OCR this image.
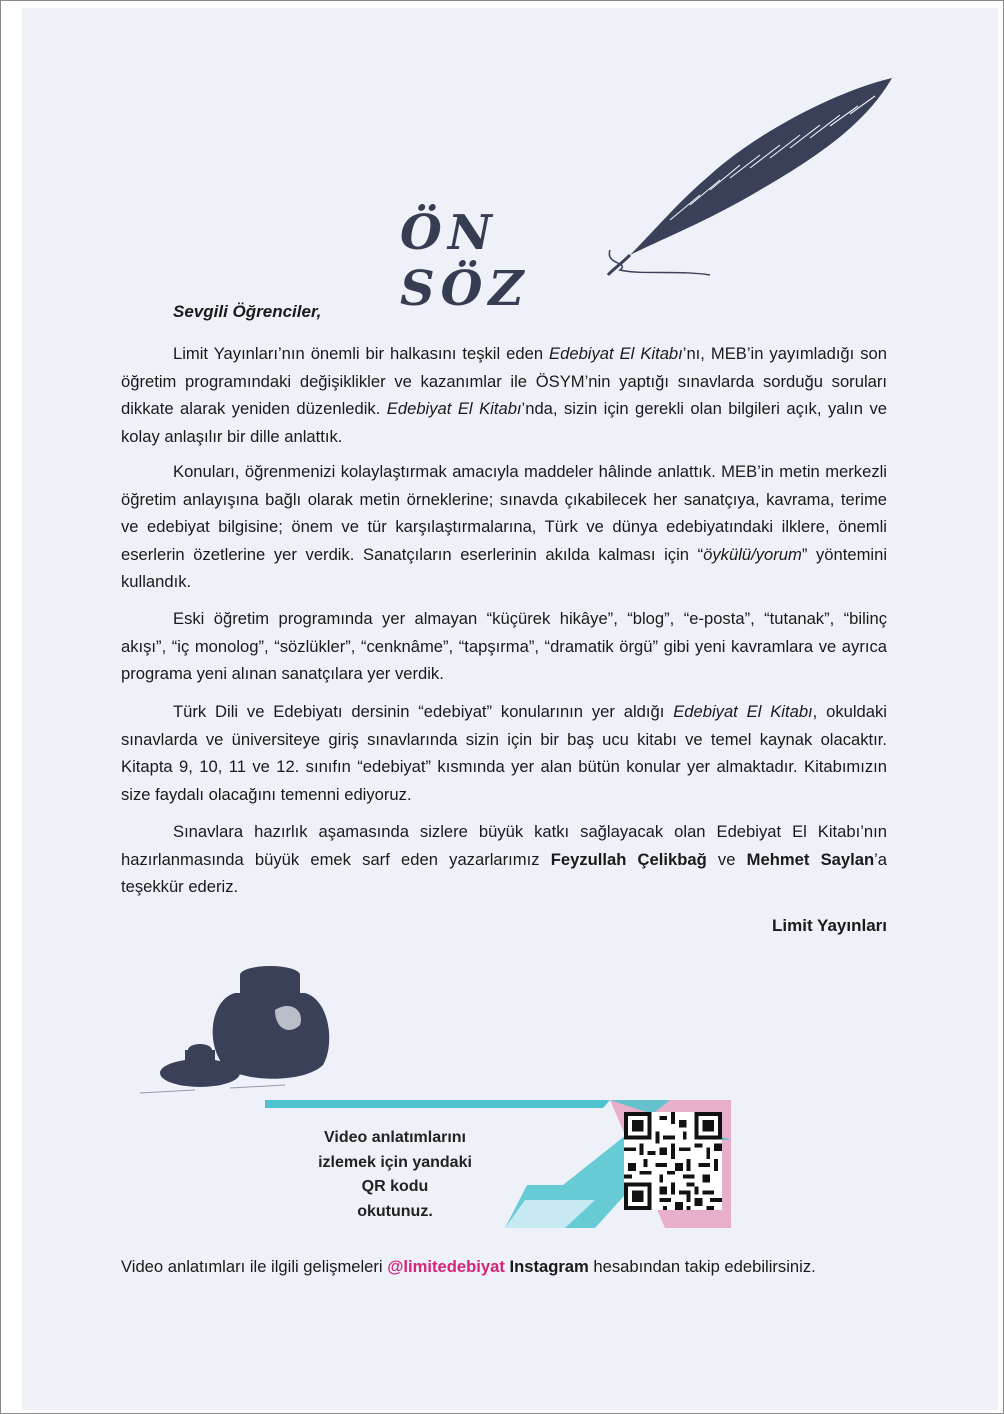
ÖN SÖZ

Sevgili Öğrenciler,

Limit Yayınları’nın önemli bir halkasını teşkil eden Edebiyat El Kitabı’nı, MEB’in yayımladığı son öğretim programındaki değişiklikler ve kazanımlar ile ÖSYM’nin yaptığı sınavlarda sorduğu soruları dikkate alarak yeniden düzenledik. Edebiyat El Kitabı’nda, sizin için gerekli olan bilgileri açık, yalın ve kolay anlaşılır bir dille anlattık.

Konuları, öğrenmenizi kolaylaştırmak amacıyla maddeler hâlinde anlattık. MEB’in metin merkezli öğretim anlayışına bağlı olarak metin örneklerine; sınavda çıkabilecek her sanatçıya, kavrama, terime ve edebiyat bilgisine; önem ve tür karşılaştırmalarına, Türk ve dünya edebiyatındaki ilklere, önemli eserlerin özetlerine yer verdik. Sanatçıların eserlerinin akılda kalması için “öykülü/yorum” yöntemini kullandık.

Eski öğretim programında yer almayan “küçürek hikâye”, “blog”, “e-posta”, “tutanak”, “bilinç akışı”, “iç monolog”, “sözlükler”, “cenknâme”, “tapşırma”, “dramatik örgü” gibi yeni kavramlara ve ayrıca programa yeni alınan sanatçılara yer verdik.

Türk Dili ve Edebiyatı dersinin “edebiyat” konularının yer aldığı Edebiyat El Kitabı, okuldaki sınavlarda ve üniversiteye giriş sınavlarında sizin için bir baş ucu kitabı ve temel kaynak olacaktır. Kitapta 9, 10, 11 ve 12. sınıfın “edebiyat” kısmında yer alan bütün konular yer almaktadır. Kitabımızın size faydalı olacağını temenni ediyoruz.

Sınavlara hazırlık aşamasında sizlere büyük katkı sağlayacak olan Edebiyat El Kitabı’nın hazırlanmasında büyük emek sarf eden yazarlarımız Feyzullah Çelikbağ ve Mehmet Saylan’a teşekkür ederiz.

Limit Yayınları

Video anlatımlarını
izlemek için yandaki
QR kodu
okutunuz.

Video anlatımları ile ilgili gelişmeleri @limitedebiyat Instagram hesabından takip edebilirsiniz.
